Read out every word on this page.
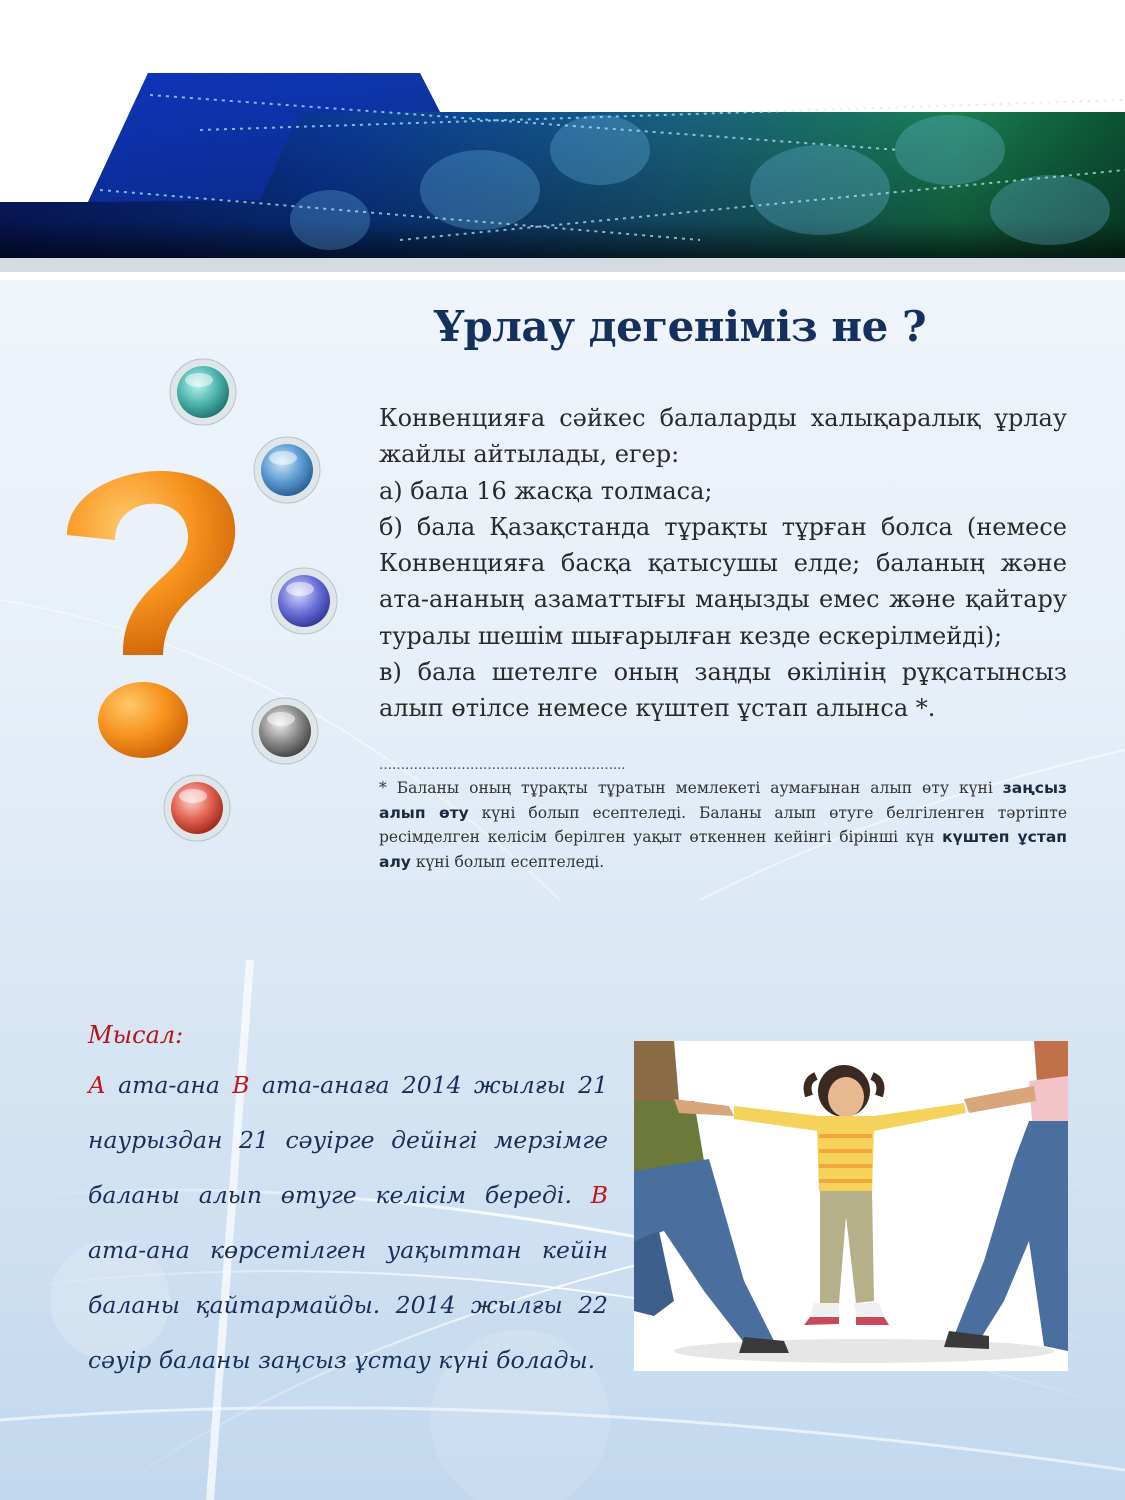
Ұрлау дегеніміз не ?

Конвенцияға сәйкес балаларды халықаралық ұрлау жайлы айтылады, егер:

а) бала 16 жасқа толмаса;

б) бала Қазақстанда тұрақты тұрған болса (немесе Конвенцияға басқа қатысушы елде; баланың және ата-ананың азаматтығы маңызды емес және қайтару туралы шешім шығарылған кезде ескерілмейді);

в) бала шетелге оның заңды өкілінің рұқсатынсыз алып өтілсе немесе күштеп ұстап алынса *.

………………………………………………...
* Баланы оның тұрақты тұратын мемлекеті аумағынан алып өту күні заңсыз алып өту күні болып есептеледі. Баланы алып өтуге белгіленген тәртіпте ресімделген келісім берілген уақыт өткеннен кейінгі бірінші күн күштеп ұстап алу күні болып есептеледі.
Мысал:
А ата-ана В ата-анаға 2014 жылғы 21 наурыздан 21 сәуірге дейінгі мерзімге баланы алып өтуге келісім береді. В ата-ана көрсетілген уақыттан кейін баланы қайтармайды. 2014 жылғы 22 сәуір баланы заңсыз ұстау күні болады.
